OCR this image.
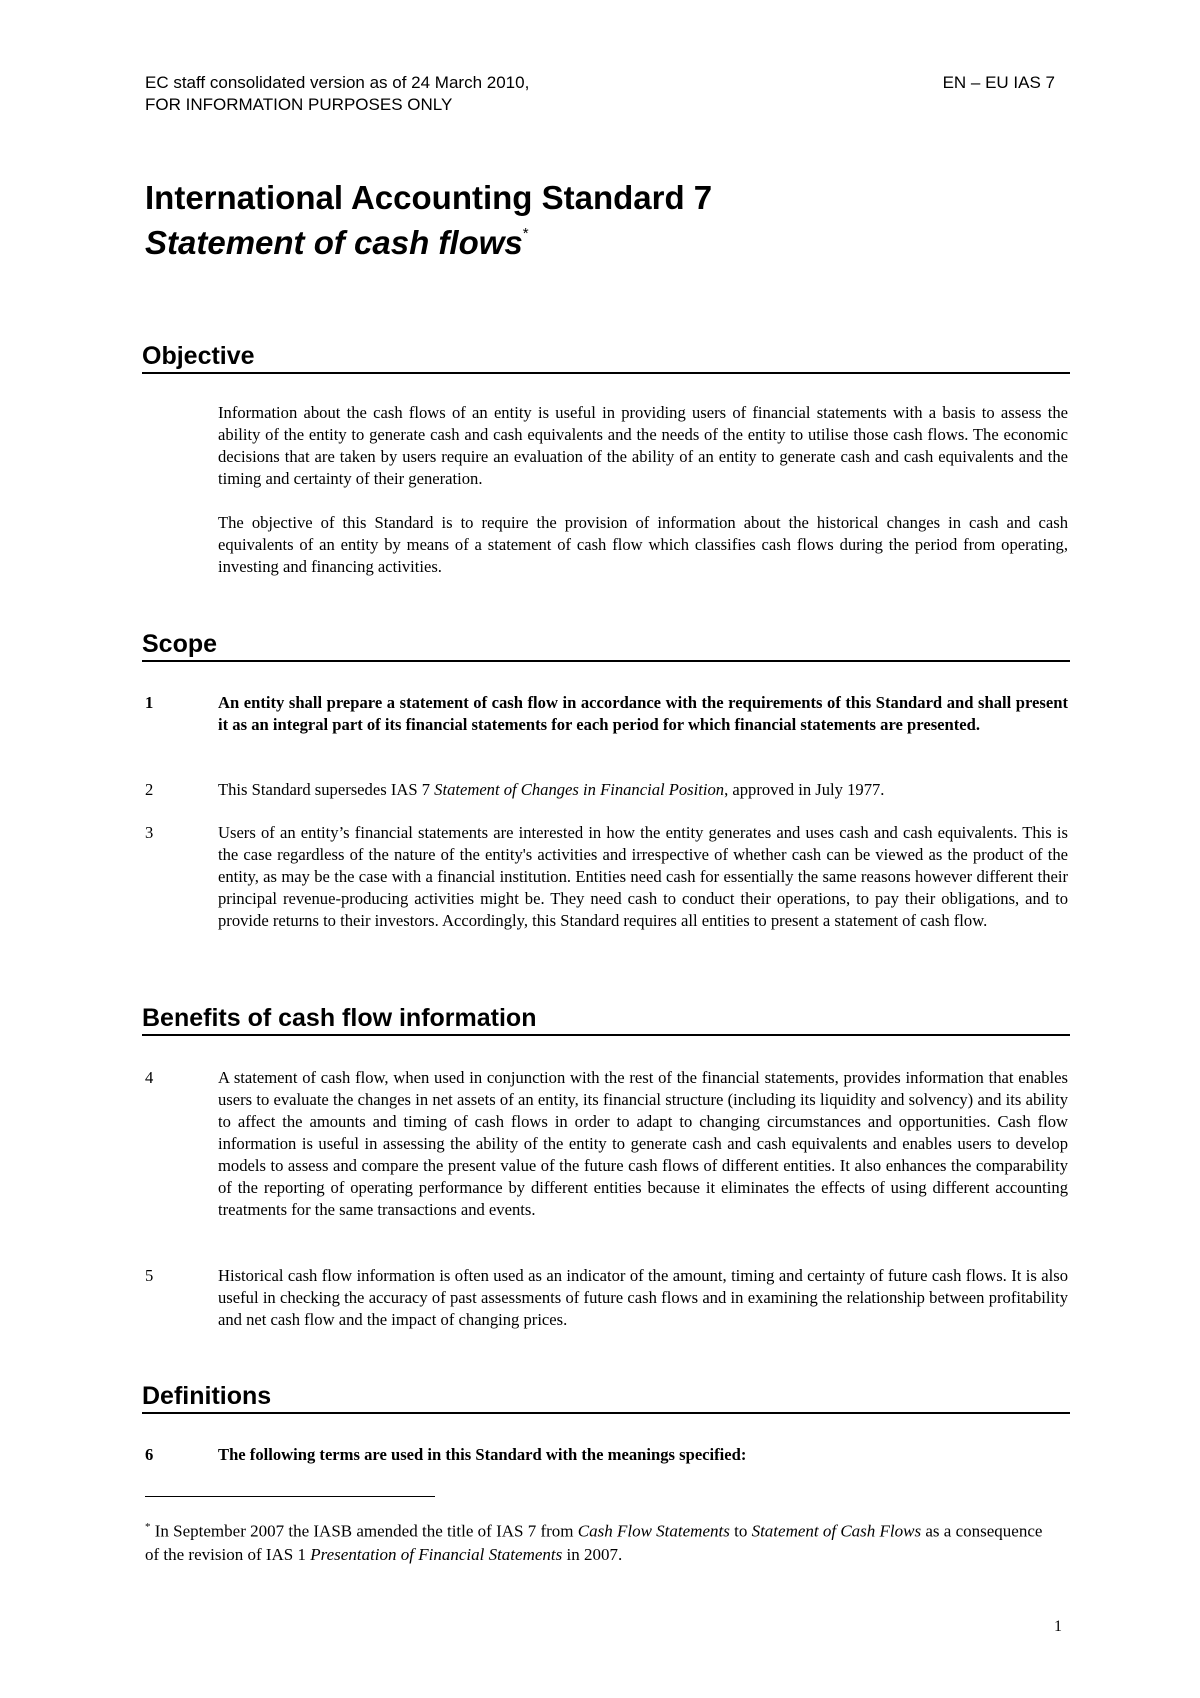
EC staff consolidated version as of 24 March 2010,
FOR INFORMATION PURPOSES ONLY
EN – EU IAS 7
International Accounting Standard 7
Statement of cash flows*
Objective
Information about the cash flows of an entity is useful in providing users of financial statements with a basis to assess the ability of the entity to generate cash and cash equivalents and the needs of the entity to utilise those cash flows. The economic decisions that are taken by users require an evaluation of the ability of an entity to generate cash and cash equivalents and the timing and certainty of their generation.
The objective of this Standard is to require the provision of information about the historical changes in cash and cash equivalents of an entity by means of a statement of cash flow which classifies cash flows during the period from operating, investing and financing activities.
Scope
1	An entity shall prepare a statement of cash flow in accordance with the requirements of this Standard and shall present it as an integral part of its financial statements for each period for which financial statements are presented.
2	This Standard supersedes IAS 7 Statement of Changes in Financial Position, approved in July 1977.
3	Users of an entity’s financial statements are interested in how the entity generates and uses cash and cash equivalents. This is the case regardless of the nature of the entity's activities and irrespective of whether cash can be viewed as the product of the entity, as may be the case with a financial institution. Entities need cash for essentially the same reasons however different their principal revenue-producing activities might be. They need cash to conduct their operations, to pay their obligations, and to provide returns to their investors. Accordingly, this Standard requires all entities to present a statement of cash flow.
Benefits of cash flow information
4	A statement of cash flow, when used in conjunction with the rest of the financial statements, provides information that enables users to evaluate the changes in net assets of an entity, its financial structure (including its liquidity and solvency) and its ability to affect the amounts and timing of cash flows in order to adapt to changing circumstances and opportunities. Cash flow information is useful in assessing the ability of the entity to generate cash and cash equivalents and enables users to develop models to assess and compare the present value of the future cash flows of different entities. It also enhances the comparability of the reporting of operating performance by different entities because it eliminates the effects of using different accounting treatments for the same transactions and events.
5	Historical cash flow information is often used as an indicator of the amount, timing and certainty of future cash flows. It is also useful in checking the accuracy of past assessments of future cash flows and in examining the relationship between profitability and net cash flow and the impact of changing prices.
Definitions
6	The following terms are used in this Standard with the meanings specified:
* In September 2007 the IASB amended the title of IAS 7 from Cash Flow Statements to Statement of Cash Flows as a consequence of the revision of IAS 1 Presentation of Financial Statements in 2007.
1
